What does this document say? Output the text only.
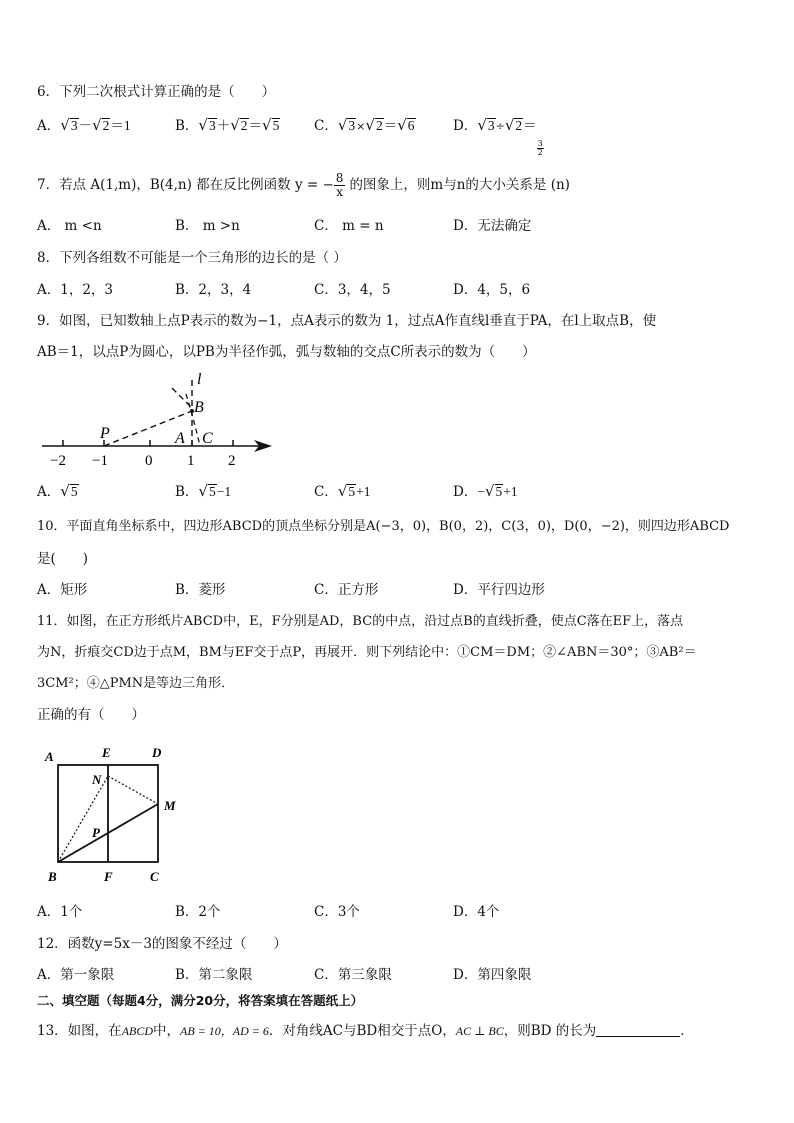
6．下列二次根式计算正确的是（　　）
A．√3－√2＝1	B．√3＋√2＝√5	C．√3×√2＝√6	D．√3÷√2＝
$\frac{3}{2}$
7．若点 A(1,m)，B(4,n) 都在反比例函数 y = − $\frac{8}{x}$ 的图象上，则m与n的大小关系是 (n)
A． m <n	B． m >n	C． m = n	D．无法确定
8．下列各组数不可能是一个三角形的边长的是（ ）
A．1，2，3	B．2，3，4	C．3，4，5	D．4，5，6
9．如图，已知数轴上点P表示的数为−1，点A表示的数为 1，过点A作直线l垂直于PA，在l上取点B，使
AB＝1，以点P为圆心，以PB为半径作弧，弧与数轴的交点C所表示的数为（　　）
l
B
P	A C
−2 −1 0 1 2
A．√5	B．√5−1	C．√5+1	D．−√5+1
10．平面直角坐标系中，四边形ABCD的顶点坐标分别是A(−3，0)，B(0，2)，C(3，0)，D(0，−2)，则四边形ABCD
是(　　)
A．矩形	B．菱形	C．正方形	D．平行四边形
11．如图，在正方形纸片ABCD中，E，F分别是AD，BC的中点，沿过点B的直线折叠，使点C落在EF上，落点
为N，折痕交CD边于点M，BM与EF交于点P，再展开．则下列结论中：①CM＝DM；②∠ABN＝30°；③AB²＝
3CM²；④△PMN是等边三角形．
正确的有（　　）
A	E	D
N
M
P
B	F	C
A．1个	B．2个	C．3个	D．4个
12．函数y=5x－3的图象不经过（　　）
A．第一象限	B．第二象限	C．第三象限	D．第四象限
二、填空题（每题4分，满分20分，将答案填在答题纸上）
13．如图，在ABCD中，AB = 10，AD = 6．对角线AC与BD相交于点O，AC ⊥ BC，则BD 的长为	．
